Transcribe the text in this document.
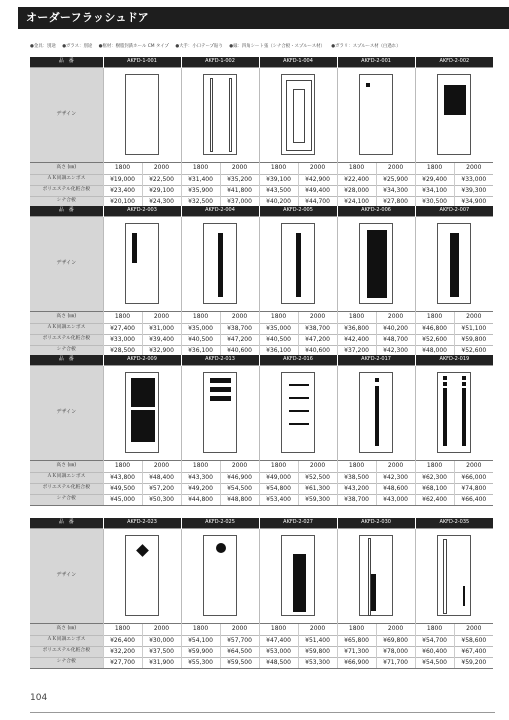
オーダーフラッシュドア
●金具：別途 ●ガラス：別途 ●框材：樹脂封鉄ホール CM タイプ ●大手：小口テープ貼り ●縁：四角シート張（シナ合板・スプルース材） ●ガラリ：スプルース材（白過れ）
品　番	AKFD-1-001		AKFD-1-002		AKFD-1-004		AKFD-2-001		AKFD-2-002	
デザイン						

高さ (㎜)	1800	2000	1800	2000	1800	2000	1800	2000	1800	2000
ＡＫ同調エンボス	¥19,000	¥22,500	¥31,400	¥35,200	¥39,100	¥42,900	¥22,400	¥25,900	¥29,400	¥33,000
ポリエステル化粧合板	¥23,400	¥29,100	¥35,900	¥41,800	¥43,500	¥49,400	¥28,000	¥34,300	¥34,100	¥39,300
シナ合板	¥20,100	¥24,300	¥32,500	¥37,000	¥40,200	¥44,700	¥24,100	¥27,800	¥30,500	¥34,900
品　番	AKFD-2-003		AKFD-2-004		AKFD-2-005		AKFD-2-006		AKFD-2-007	
デザイン						

高さ (㎜)	1800	2000	1800	2000	1800	2000	1800	2000	1800	2000
ＡＫ同調エンボス	¥27,400	¥31,000	¥35,000	¥38,700	¥35,000	¥38,700	¥36,800	¥40,200	¥46,800	¥51,100
ポリエステル化粧合板	¥33,000	¥39,400	¥40,500	¥47,200	¥40,500	¥47,200	¥42,400	¥48,700	¥52,600	¥59,800
シナ合板	¥28,500	¥32,900	¥36,100	¥40,600	¥36,100	¥40,600	¥37,200	¥42,300	¥48,000	¥52,600
品　番	AKFD-2-009		AKFD-2-013		AKFD-2-016		AKFD-2-017		AKFD-2-019	
デザイン						

高さ (㎜)	1800	2000	1800	2000	1800	2000	1800	2000	1800	2000
ＡＫ同調エンボス	¥43,800	¥48,400	¥43,300	¥46,900	¥49,000	¥52,500	¥38,500	¥42,300	¥62,300	¥66,000
ポリエステル化粧合板	¥49,500	¥57,200	¥49,200	¥54,500	¥54,800	¥61,300	¥43,200	¥48,600	¥68,100	¥74,800
シナ合板	¥45,000	¥50,300	¥44,800	¥48,800	¥53,400	¥59,300	¥38,700	¥43,000	¥62,400	¥66,400
品　番	AKFD-2-023		AKFD-2-025		AKFD-2-027		AKFD-2-030		AKFD-2-035	
デザイン						

高さ (㎜)	1800	2000	1800	2000	1800	2000	1800	2000	1800	2000
ＡＫ同調エンボス	¥26,400	¥30,000	¥54,100	¥57,700	¥47,400	¥51,400	¥65,800	¥69,800	¥54,700	¥58,600
ポリエステル化粧合板	¥32,200	¥37,500	¥59,900	¥64,500	¥53,000	¥59,800	¥71,300	¥78,000	¥60,400	¥67,400
シナ合板	¥27,700	¥31,900	¥55,300	¥59,500	¥48,500	¥53,300	¥66,900	¥71,700	¥54,500	¥59,200
104
